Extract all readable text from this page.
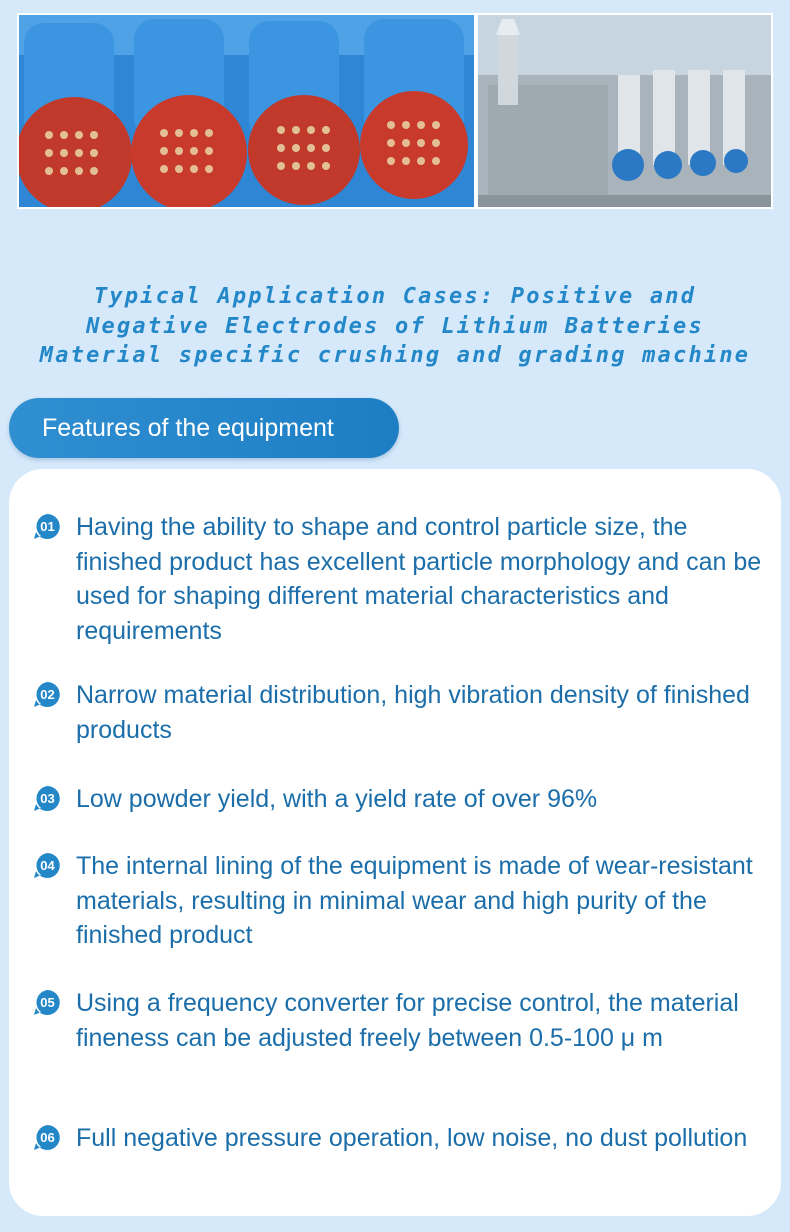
Typical Application Cases: Positive and
Negative Electrodes of Lithium Batteries
Material specific crushing and grading machine
Features of the equipment
01 Having the ability to shape and control particle size, the finished product has excellent particle morphology and can be used for shaping different material characteristics and requirements
02 Narrow material distribution, high vibration density of finished products
03 Low powder yield, with a yield rate of over 96%
04 The internal lining of the equipment is made of wear-resistant materials, resulting in minimal wear and high purity of the finished product
05 Using a frequency converter for precise control, the material fineness can be adjusted freely between 0.5-100 μ m
06 Full negative pressure operation, low noise, no dust pollution
